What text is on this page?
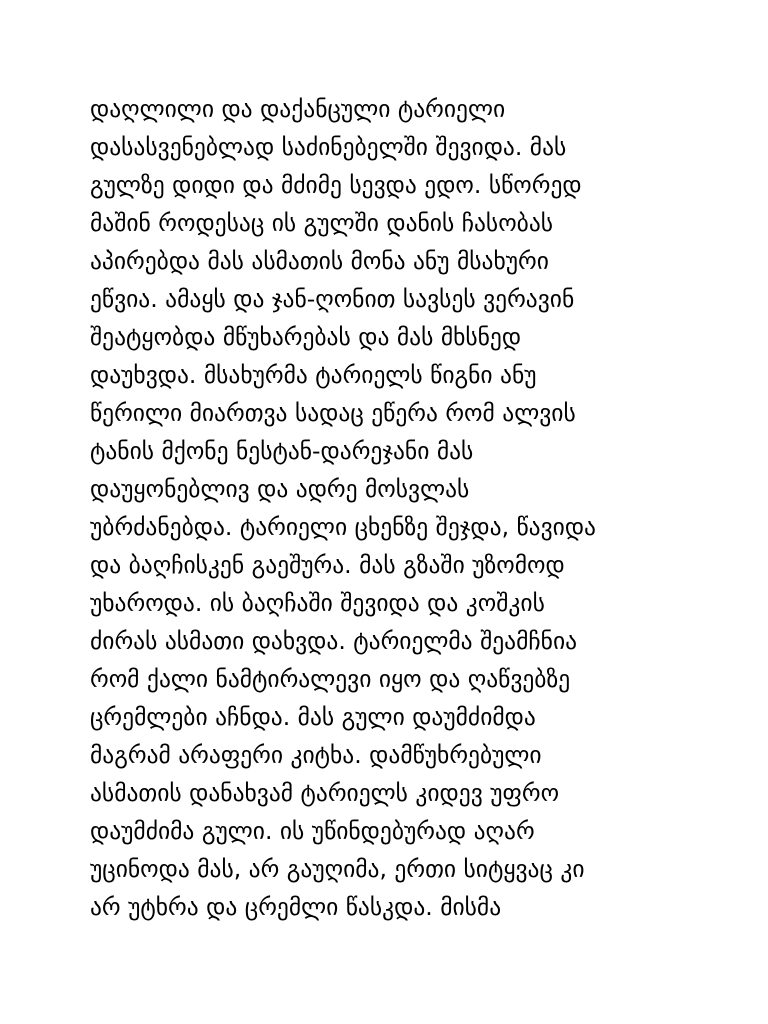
დაღლილი და დაქანცული ტარიელი
დასასვენებლად საძინებელში შევიდა. მას
გულზე დიდი და მძიმე სევდა ედო. სწორედ
მაშინ როდესაც ის გულში დანის ჩასობას
აპირებდა მას ასმათის მონა ანუ მსახური
ეწვია. ამაყს და ჯან-ღონით სავსეს ვერავინ
შეატყობდა მწუხარებას და მას მხსნედ
დაუხვდა. მსახურმა ტარიელს წიგნი ანუ
წერილი მიართვა სადაც ეწერა რომ ალვის
ტანის მქონე ნესტან-დარეჯანი მას
დაუყონებლივ და ადრე მოსვლას
უბრძანებდა. ტარიელი ცხენზე შეჯდა, წავიდა
და ბაღჩისკენ გაეშურა. მას გზაში უზომოდ
უხაროდა. ის ბაღჩაში შევიდა და კოშკის
ძირას ასმათი დახვდა. ტარიელმა შეამჩნია
რომ ქალი ნამტირალევი იყო და ღაწვებზე
ცრემლები აჩნდა. მას გული დაუმძიმდა
მაგრამ არაფერი კიტხა. დამწუხრებული
ასმათის დანახვამ ტარიელს კიდევ უფრო
დაუმძიმა გული. ის უწინდებურად აღარ
უცინოდა მას, არ გაუღიმა, ერთი სიტყვაც კი
არ უტხრა და ცრემლი წასკდა. მისმა
